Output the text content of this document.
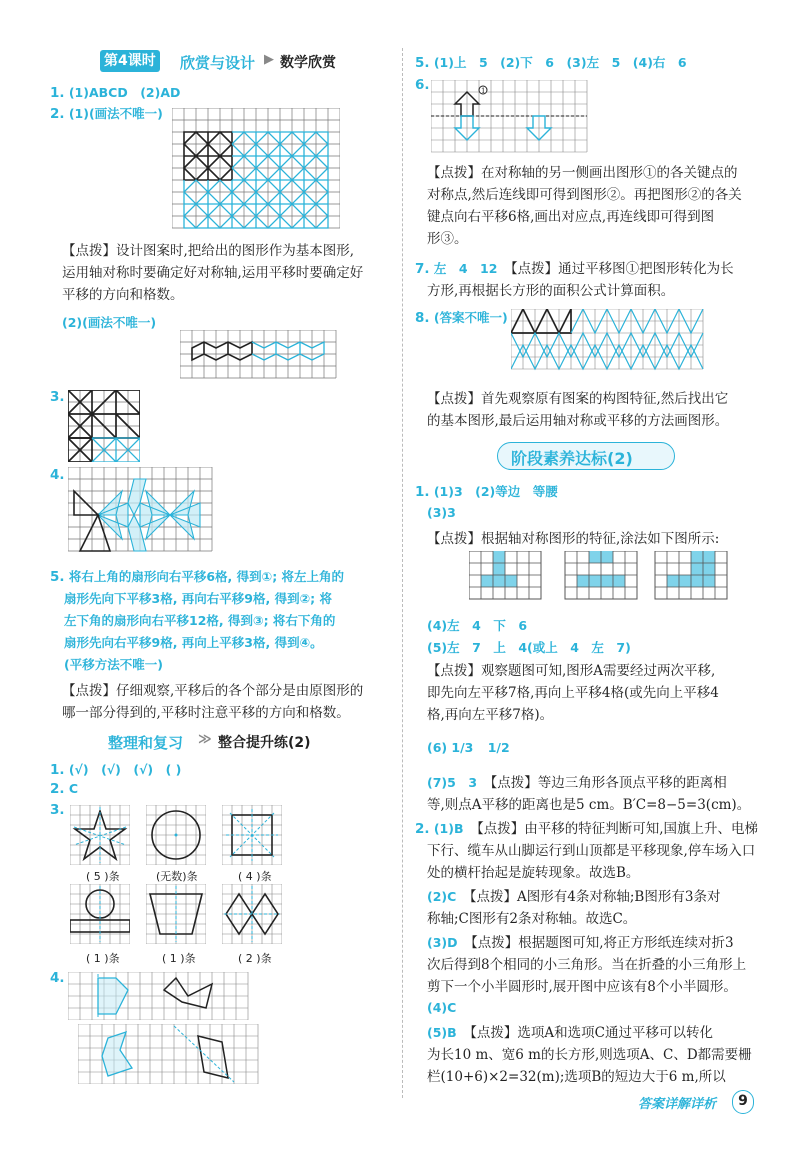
第4课时 欣赏与设计 ▶ 数学欣赏
1. (1)ABCD　(2)AD
2. (1)(画法不唯一)
【点拨】设计图案时,把给出的图形作为基本图形,
运用轴对称时要确定好对称轴,运用平移时要确定好
平移的方向和格数。
(2)(画法不唯一)
3.
4.
5. 将右上角的扇形向右平移6格, 得到①; 将左上角的
扇形先向下平移3格, 再向右平移9格, 得到②; 将
左下角的扇形向右平移12格, 得到③; 将右下角的
扇形先向右平移9格, 再向上平移3格, 得到④。
(平移方法不唯一)
【点拨】仔细观察,平移后的各个部分是由原图形的
哪一部分得到的,平移时注意平移的方向和格数。
整理和复习 ≫ 整合提升练(2)
1. (√)　(√)　(√)　( )
2. C
3.
( 5 )条	(无数)条	( 4 )条
( 1 )条	( 1 )条	( 2 )条
4.
5. (1)上　5　(2)下　6　(3)左　5　(4)右　6
6.	1
【点拨】在对称轴的另一侧画出图形①的各关键点的
对称点,然后连线即可得到图形②。再把图形②的各关
键点向右平移6格,画出对应点,再连线即可得到图
形③。
7. 左　4　12　 【点拨】通过平移图①把图形转化为长
方形,再根据长方形的面积公式计算面积。
8. (答案不唯一)
【点拨】首先观察原有图案的构图特征,然后找出它
的基本图形,最后运用轴对称或平移的方法画图形。
阶段素养达标(2)
1. (1)3　(2)等边　等腰
(3)3
【点拨】根据轴对称图形的特征,涂法如下图所示:
(4)左　4　下　6
(5)左　7　上　4(或上　4　左　7)
【点拨】观察题图可知,图形A需要经过两次平移,
即先向左平移7格,再向上平移4格(或先向上平移4
格,再向左平移7格)。
(6) 1/3 1/2
(7)5　3　 【点拨】等边三角形各顶点平移的距离相
等,则点A平移的距离也是5 cm。B′C=8−5=3(cm)。
2. (1)B　 【点拨】由平移的特征判断可知,国旗上升、电梯
下行、缆车从山脚运行到山顶都是平移现象,停车场入口
处的横杆抬起是旋转现象。故选B。
(2)C　 【点拨】A图形有4条对称轴;B图形有3条对
称轴;C图形有2条对称轴。故选C。
(3)D　 【点拨】根据题图可知,将正方形纸连续对折3
次后得到8个相同的小三角形。当在折叠的小三角形上
剪下一个小半圆形时,展开图中应该有8个小半圆形。
(4)C
(5)B　 【点拨】选项A和选项C通过平移可以转化
为长10 m、宽6 m的长方形,则选项A、C、D都需要栅
栏(10+6)×2=32(m);选项B的短边大于6 m,所以
答案详解详析	9
